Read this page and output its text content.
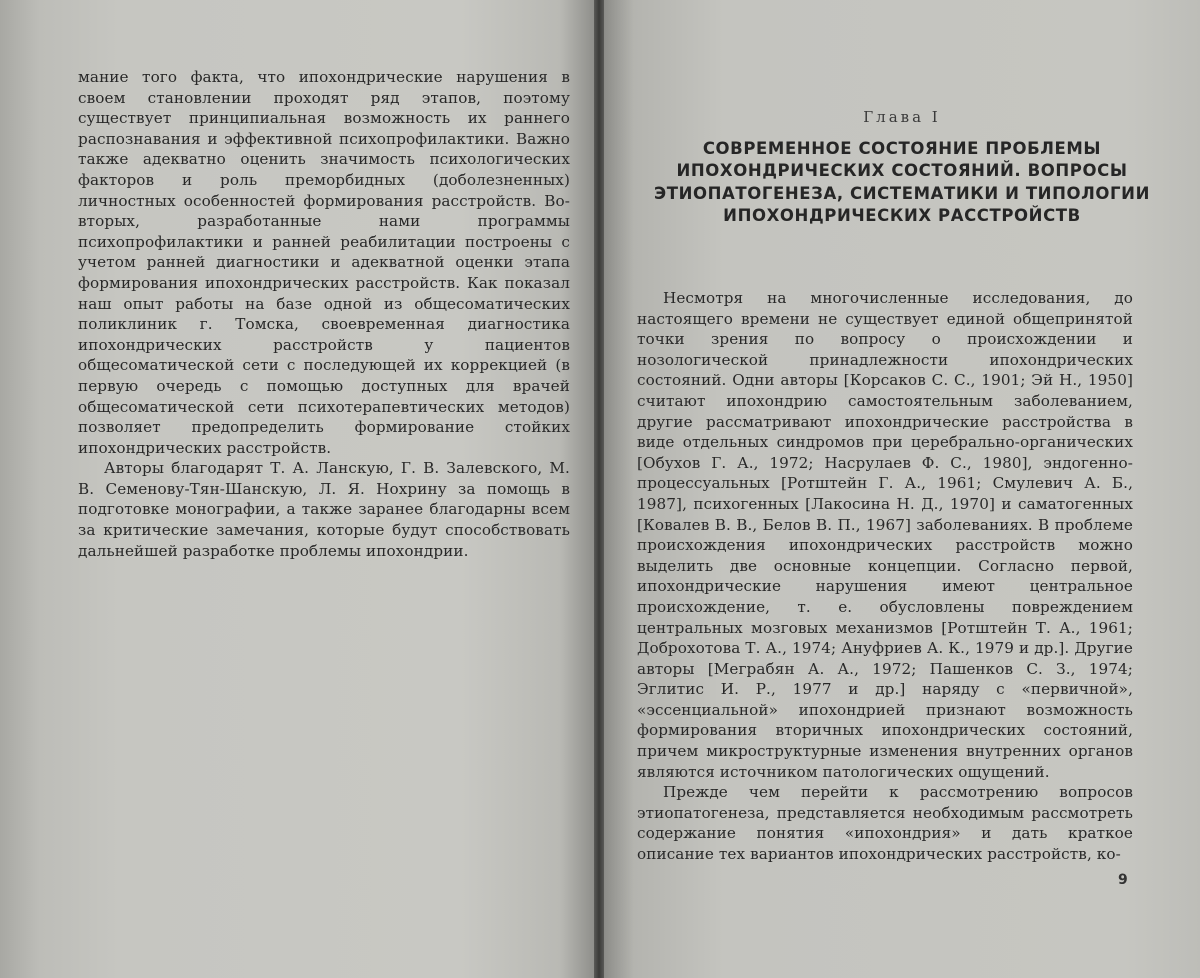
мание того факта, что ипохондрические нарушения в своем становлении проходят ряд этапов, поэтому существует принципиальная возможность их раннего распознавания и эффективной психопрофилактики. Важно также адекватно оценить значимость психологических факторов и роль преморбидных (доболезненных) личностных особенностей формирования расстройств. Во-вторых, разработанные нами программы психопрофилактики и ранней реабилитации построены с учетом ранней диагностики и адекватной оценки этапа формирования ипохондрических расстройств. Как показал наш опыт работы на базе одной из общесоматических поликлиник г. Томска, своевременная диагностика ипохондрических расстройств у пациентов общесоматической сети с последующей их коррекцией (в первую очередь с помощью доступных для врачей общесоматической сети психотерапевтических методов) позволяет предопределить формирование стойких ипохондрических расстройств.

Авторы благодарят Т. А. Ланскую, Г. В. Залевского, М. В. Семенову-Тян-Шанскую, Л. Я. Нохрину за помощь в подготовке монографии, а также заранее благодарны всем за критические замечания, которые будут способствовать дальнейшей разработке проблемы ипохондрии.

Глава I
СОВРЕМЕННОЕ СОСТОЯНИЕ ПРОБЛЕМЫ ИПОХОНДРИЧЕСКИХ СОСТОЯНИЙ. ВОПРОСЫ ЭТИОПАТОГЕНЕЗА, СИСТЕМАТИКИ И ТИПОЛОГИИ ИПОХОНДРИЧЕСКИХ РАССТРОЙСТВ

Несмотря на многочисленные исследования, до настоящего времени не существует единой общепринятой точки зрения по вопросу о происхождении и нозологической принадлежности ипохондрических состояний. Одни авторы [Корсаков С. С., 1901; Эй Н., 1950] считают ипохондрию самостоятельным заболеванием, другие рассматривают ипохондрические расстройства в виде отдельных синдромов при церебрально-органических [Обухов Г. А., 1972; Насрулаев Ф. С., 1980], эндогенно-процессуальных [Ротштейн Г. А., 1961; Смулевич А. Б., 1987], психогенных [Лакосина Н. Д., 1970] и саматогенных [Ковалев В. В., Белов В. П., 1967] заболеваниях. В проблеме происхождения ипохондрических расстройств можно выделить две основные концепции. Согласно первой, ипохондрические нарушения имеют центральное происхождение, т. е. обусловлены повреждением центральных мозговых механизмов [Ротштейн Т. А., 1961; Доброхотова Т. А., 1974; Ануфриев А. К., 1979 и др.]. Другие авторы [Меграбян А. А., 1972; Пашенков С. З., 1974; Эглитис И. Р., 1977 и др.] наряду с «первичной», «эссенциальной» ипохондрией признают возможность формирования вторичных ипохондрических состояний, причем микроструктурные изменения внутренних органов являются источником патологических ощущений.

Прежде чем перейти к рассмотрению вопросов этиопатогенеза, представляется необходимым рассмотреть содержание понятия «ипохондрия» и дать краткое описание тех вариантов ипохондрических расстройств, ко-

9
